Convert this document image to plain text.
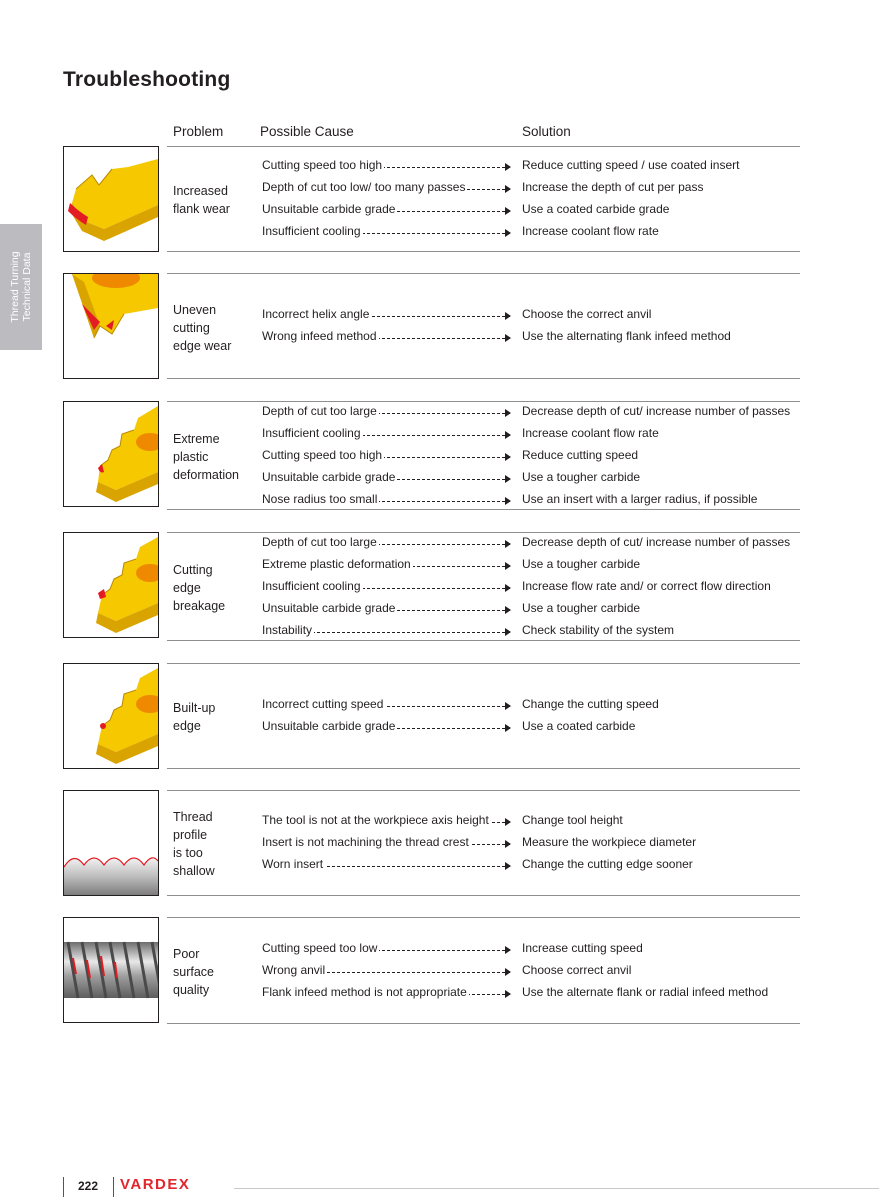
Troubleshooting
Thread Turning
Technical Data
Problem	Possible Cause	Solution
Increased
flank wear
Cutting speed too high	Reduce cutting speed / use coated insert
Depth of cut too low/ too many passes	Increase the depth of cut per pass
Unsuitable carbide grade	Use a coated carbide grade
Insufficient cooling	Increase coolant flow rate
Uneven
cutting
edge wear
Incorrect helix angle	Choose the correct anvil
Wrong infeed method	Use the alternating flank infeed method
Extreme
plastic
deformation
Depth of cut too large	Decrease depth of cut/ increase number of passes
Insufficient cooling	Increase coolant flow rate
Cutting speed too high	Reduce cutting speed
Unsuitable carbide grade	Use a tougher carbide
Nose radius too small	Use an insert with a larger radius, if possible
Cutting
edge
breakage
Depth of cut too large	Decrease depth of cut/ increase number of passes
Extreme plastic deformation	Use a tougher carbide
Insufficient cooling	Increase flow rate and/ or correct flow direction
Unsuitable carbide grade	Use a tougher carbide
Instability	Check stability of the system
Built-up
edge
Incorrect cutting speed	Change the cutting speed
Unsuitable carbide grade	Use a coated carbide
Thread
profile
is too
shallow
The tool is not at the workpiece axis height	Change tool height
Insert is not machining the thread crest	Measure the workpiece diameter
Worn insert	Change the cutting edge sooner
Poor
surface
quality
Cutting speed too low	Increase cutting speed
Wrong anvil	Choose correct anvil
Flank infeed method is not appropriate	Use the alternate flank or radial infeed method
222 VARDEX
